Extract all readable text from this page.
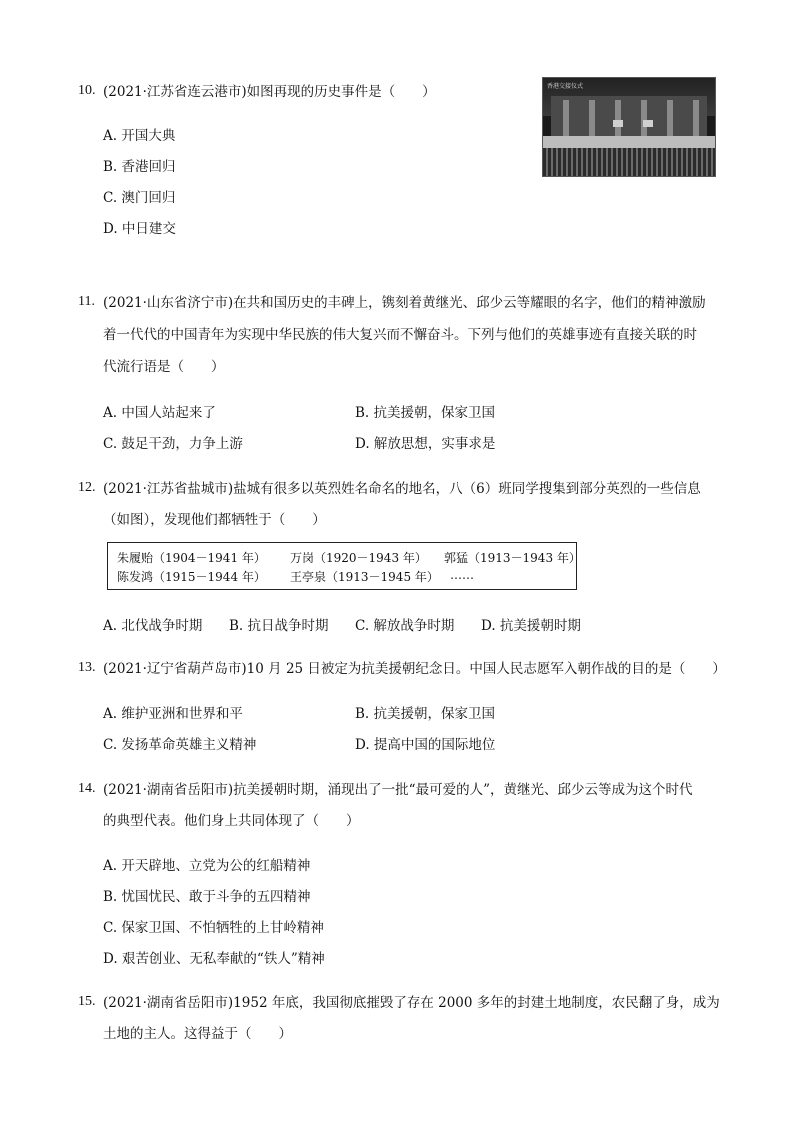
10. (2021·江苏省连云港市)如图再现的历史事件是（　　）
A. 开国大典
B. 香港回归
C. 澳门回归
D. 中日建交
香港交接仪式
11. (2021·山东省济宁市)在共和国历史的丰碑上，镌刻着黄继光、邱少云等耀眼的名字，他们的精神激励
着一代代的中国青年为实现中华民族的伟大复兴而不懈奋斗。下列与他们的英雄事迹有直接关联的时
代流行语是（　　）
A. 中国人站起来了	B. 抗美援朝，保家卫国
C. 鼓足干劲，力争上游	D. 解放思想，实事求是
12. (2021·江苏省盐城市)盐城有很多以英烈姓名命名的地名，八（6）班同学搜集到部分英烈的一些信息
（如图），发现他们都牺牲于（　　）
朱履贻（1904－1941 年） 万岗（1920－1943 年） 郭猛（1913－1943 年）
陈发鸿（1915－1944 年） 王亭泉（1913－1945 年） ……
A. 北伐战争时期 B. 抗日战争时期 C. 解放战争时期 D. 抗美援朝时期
13. (2021·辽宁省葫芦岛市)10 月 25 日被定为抗美援朝纪念日。中国人民志愿军入朝作战的目的是（　　）
A. 维护亚洲和世界和平	B. 抗美援朝，保家卫国
C. 发扬革命英雄主义精神	D. 提高中国的国际地位
14. (2021·湖南省岳阳市)抗美援朝时期，涌现出了一批“最可爱的人”，黄继光、邱少云等成为这个时代
的典型代表。他们身上共同体现了（　　）
A. 开天辟地、立党为公的红船精神
B. 忧国忧民、敢于斗争的五四精神
C. 保家卫国、不怕牺牲的上甘岭精神
D. 艰苦创业、无私奉献的“铁人”精神
15. (2021·湖南省岳阳市)1952 年底，我国彻底摧毁了存在 2000 多年的封建土地制度，农民翻了身，成为
土地的主人。这得益于（　　）
